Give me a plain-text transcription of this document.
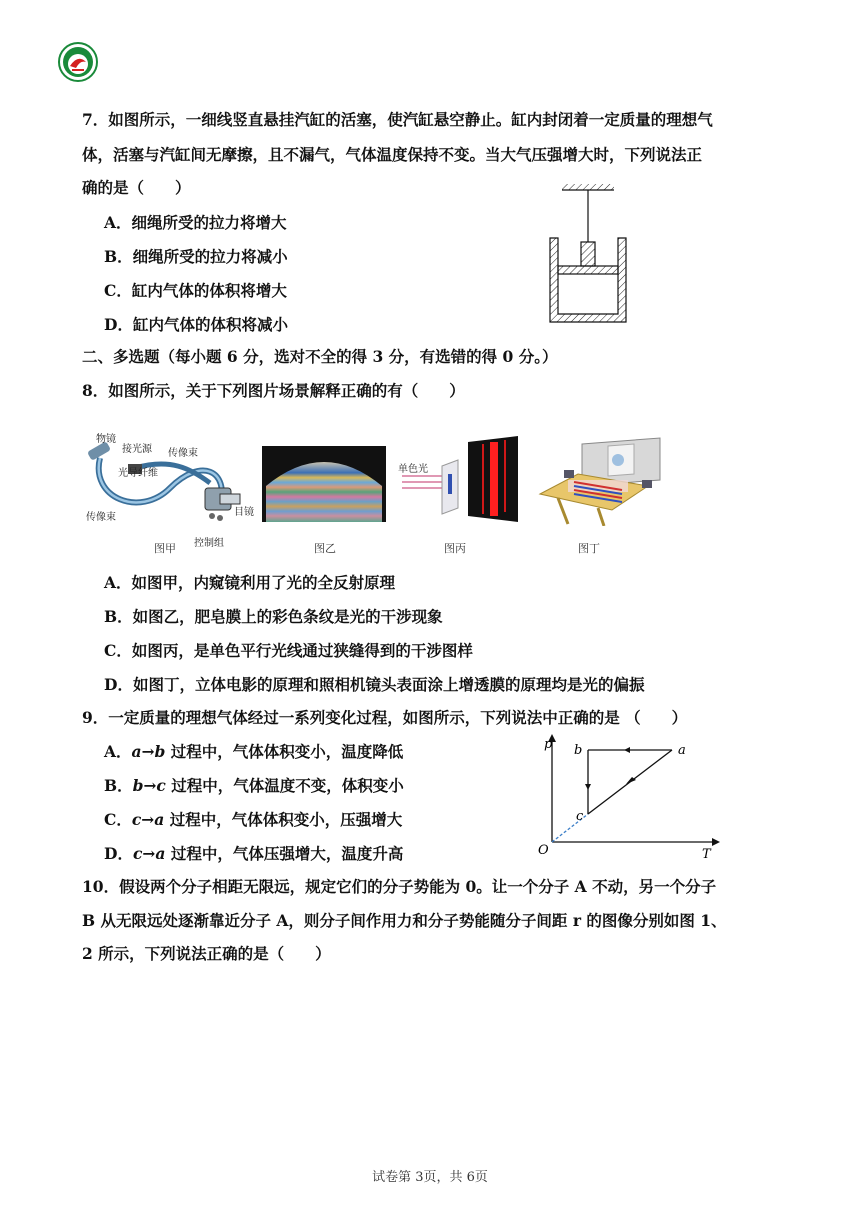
7．如图所示，一细线竖直悬挂汽缸的活塞，使汽缸悬空静止。缸内封闭着一定质量的理想气
体，活塞与汽缸间无摩擦，且不漏气，气体温度保持不变。当大气压强增大时，下列说法正
确的是（　　）
A．细绳所受的拉力将增大
B．细绳所受的拉力将减小
C．缸内气体的体积将增大
D．缸内气体的体积将减小
二、多选题（每小题 6 分，选对不全的得 3 分，有选错的得 0 分。）
8．如图所示，关于下列图片场景解释正确的有（　　）
物镜
接光源 传像束
光导纤维
传像束	目镜
控制组
图甲	图乙
单色光
图丙	图丁
A．如图甲，内窥镜利用了光的全反射原理
B．如图乙，肥皂膜上的彩色条纹是光的干涉现象
C．如图丙，是单色平行光线通过狭缝得到的干涉图样
D．如图丁，立体电影的原理和照相机镜头表面涂上增透膜的原理均是光的偏振
9．一定质量的理想气体经过一系列变化过程，如图所示，下列说法中正确的是 （　　）
A．a→b 过程中，气体体积变小，温度降低
B．b→c 过程中，气体温度不变，体积变小
C．c→a 过程中，气体体积变小，压强增大
D．c→a 过程中，气体压强增大，温度升高
p
T
O
b	a
c
10．假设两个分子相距无限远，规定它们的分子势能为 0。让一个分子 A 不动，另一个分子
B 从无限远处逐渐靠近分子 A，则分子间作用力和分子势能随分子间距 r 的图像分别如图 1、
2 所示，下列说法正确的是（　　）
试卷第 3页，共 6页
